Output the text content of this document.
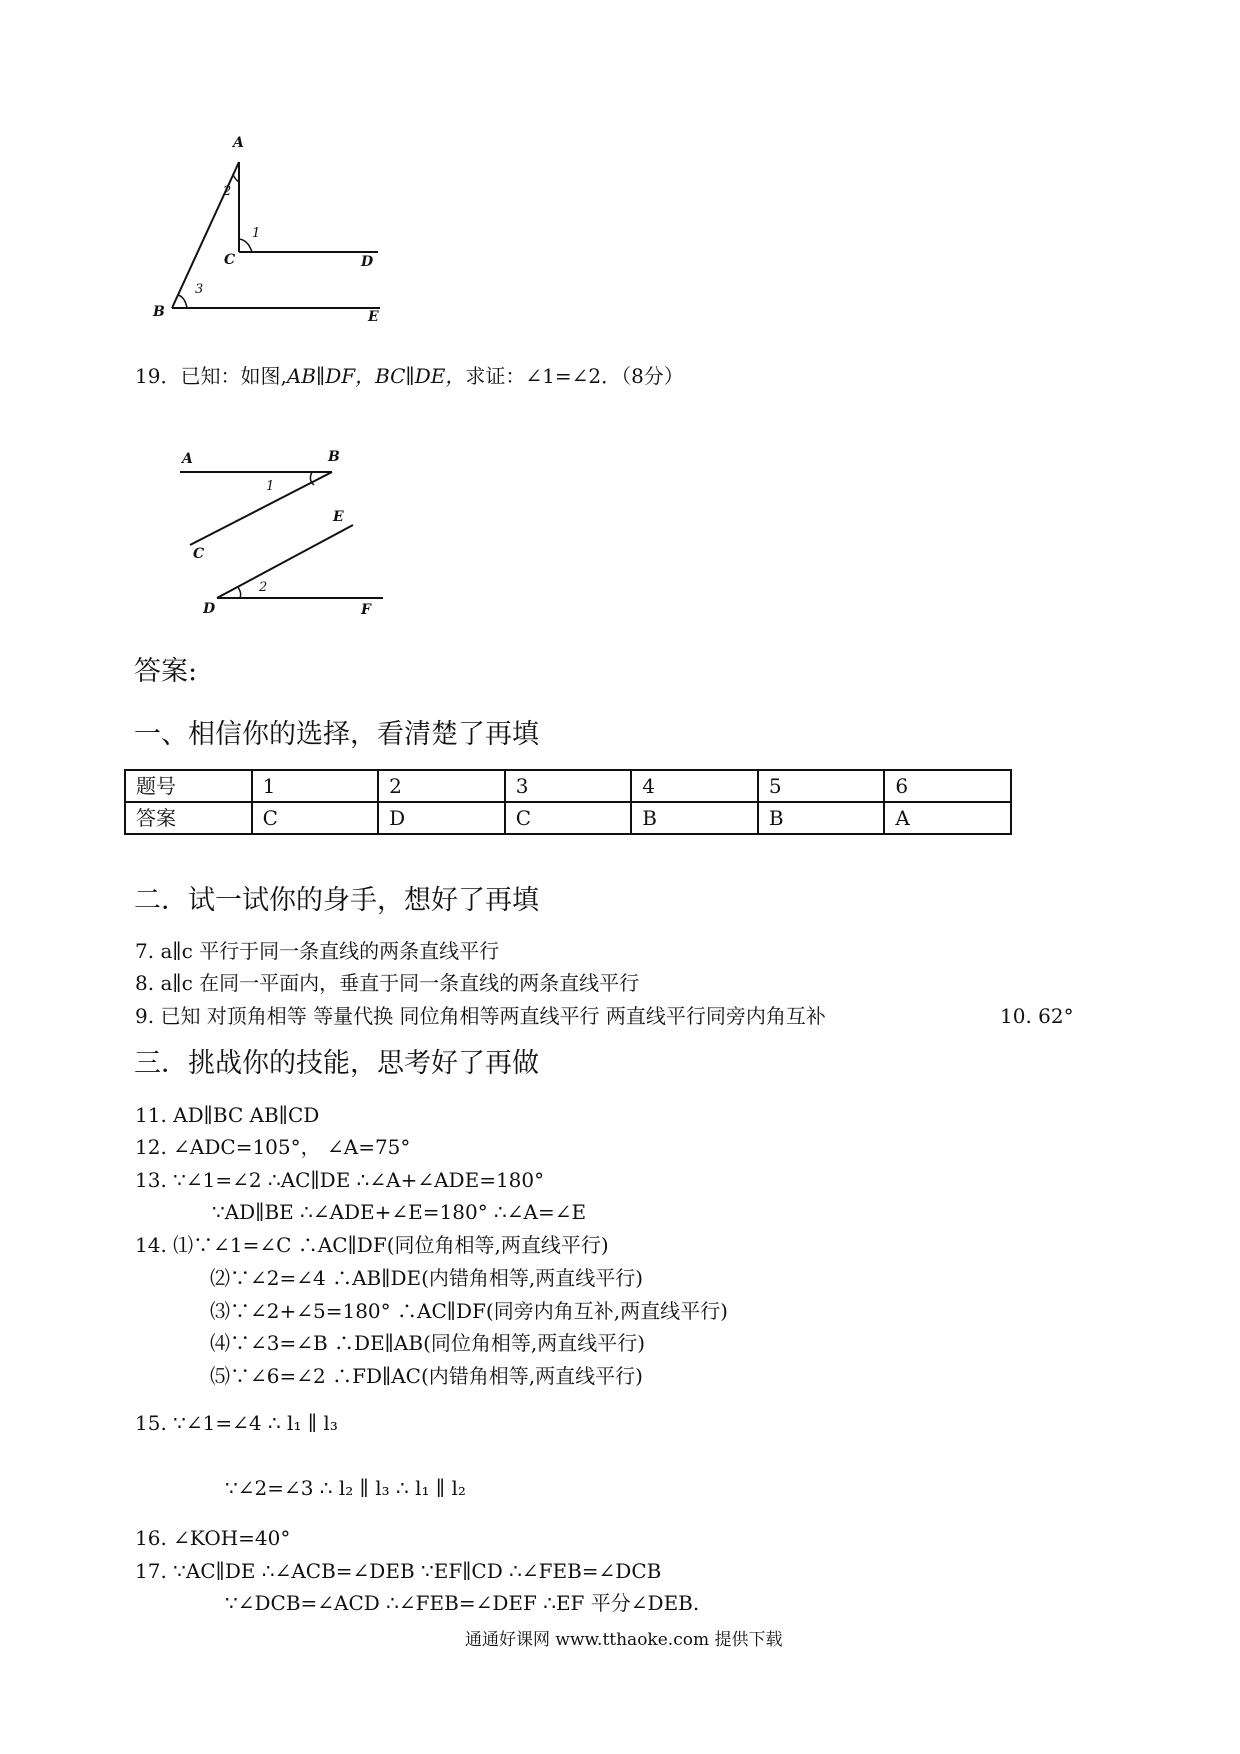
A
C	D
B	E
2
1
3
19．已知：如图,AB∥DF，BC∥DE，求证：∠1=∠2．（8分）
A	B
1
C
E
2
D	F
答案:
一、相信你的选择，看清楚了再填
题号	1	2	3	4	5	6
答案	C	D	C	B	B	A
二．试一试你的身手，想好了再填
7. a∥c 平行于同一条直线的两条直线平行
8. a∥c 在同一平面内，垂直于同一条直线的两条直线平行
9. 已知 对顶角相等 等量代换 同位角相等两直线平行 两直线平行同旁内角互补	10. 62°
三．挑战你的技能，思考好了再做
11. AD∥BC AB∥CD
12. ∠ADC=105°， ∠A=75°
13. ∵∠1=∠2 ∴AC∥DE ∴∠A+∠ADE=180°
∵AD∥BE ∴∠ADE+∠E=180° ∴∠A=∠E
14. ⑴∵∠1=∠C ∴AC∥DF(同位角相等,两直线平行)
⑵∵∠2=∠4 ∴AB∥DE(内错角相等,两直线平行)
⑶∵∠2+∠5=180° ∴AC∥DF(同旁内角互补,两直线平行)
⑷∵∠3=∠B ∴DE∥AB(同位角相等,两直线平行)
⑸∵∠6=∠2 ∴FD∥AC(内错角相等,两直线平行)
15. ∵∠1=∠4 ∴ l₁ ∥ l₃
∵∠2=∠3 ∴ l₂ ∥ l₃ ∴ l₁ ∥ l₂
16. ∠KOH=40°
17. ∵AC∥DE ∴∠ACB=∠DEB ∵EF∥CD ∴∠FEB=∠DCB
∵∠DCB=∠ACD ∴∠FEB=∠DEF ∴EF 平分∠DEB.
通通好课网 www.tthaoke.com 提供下载
